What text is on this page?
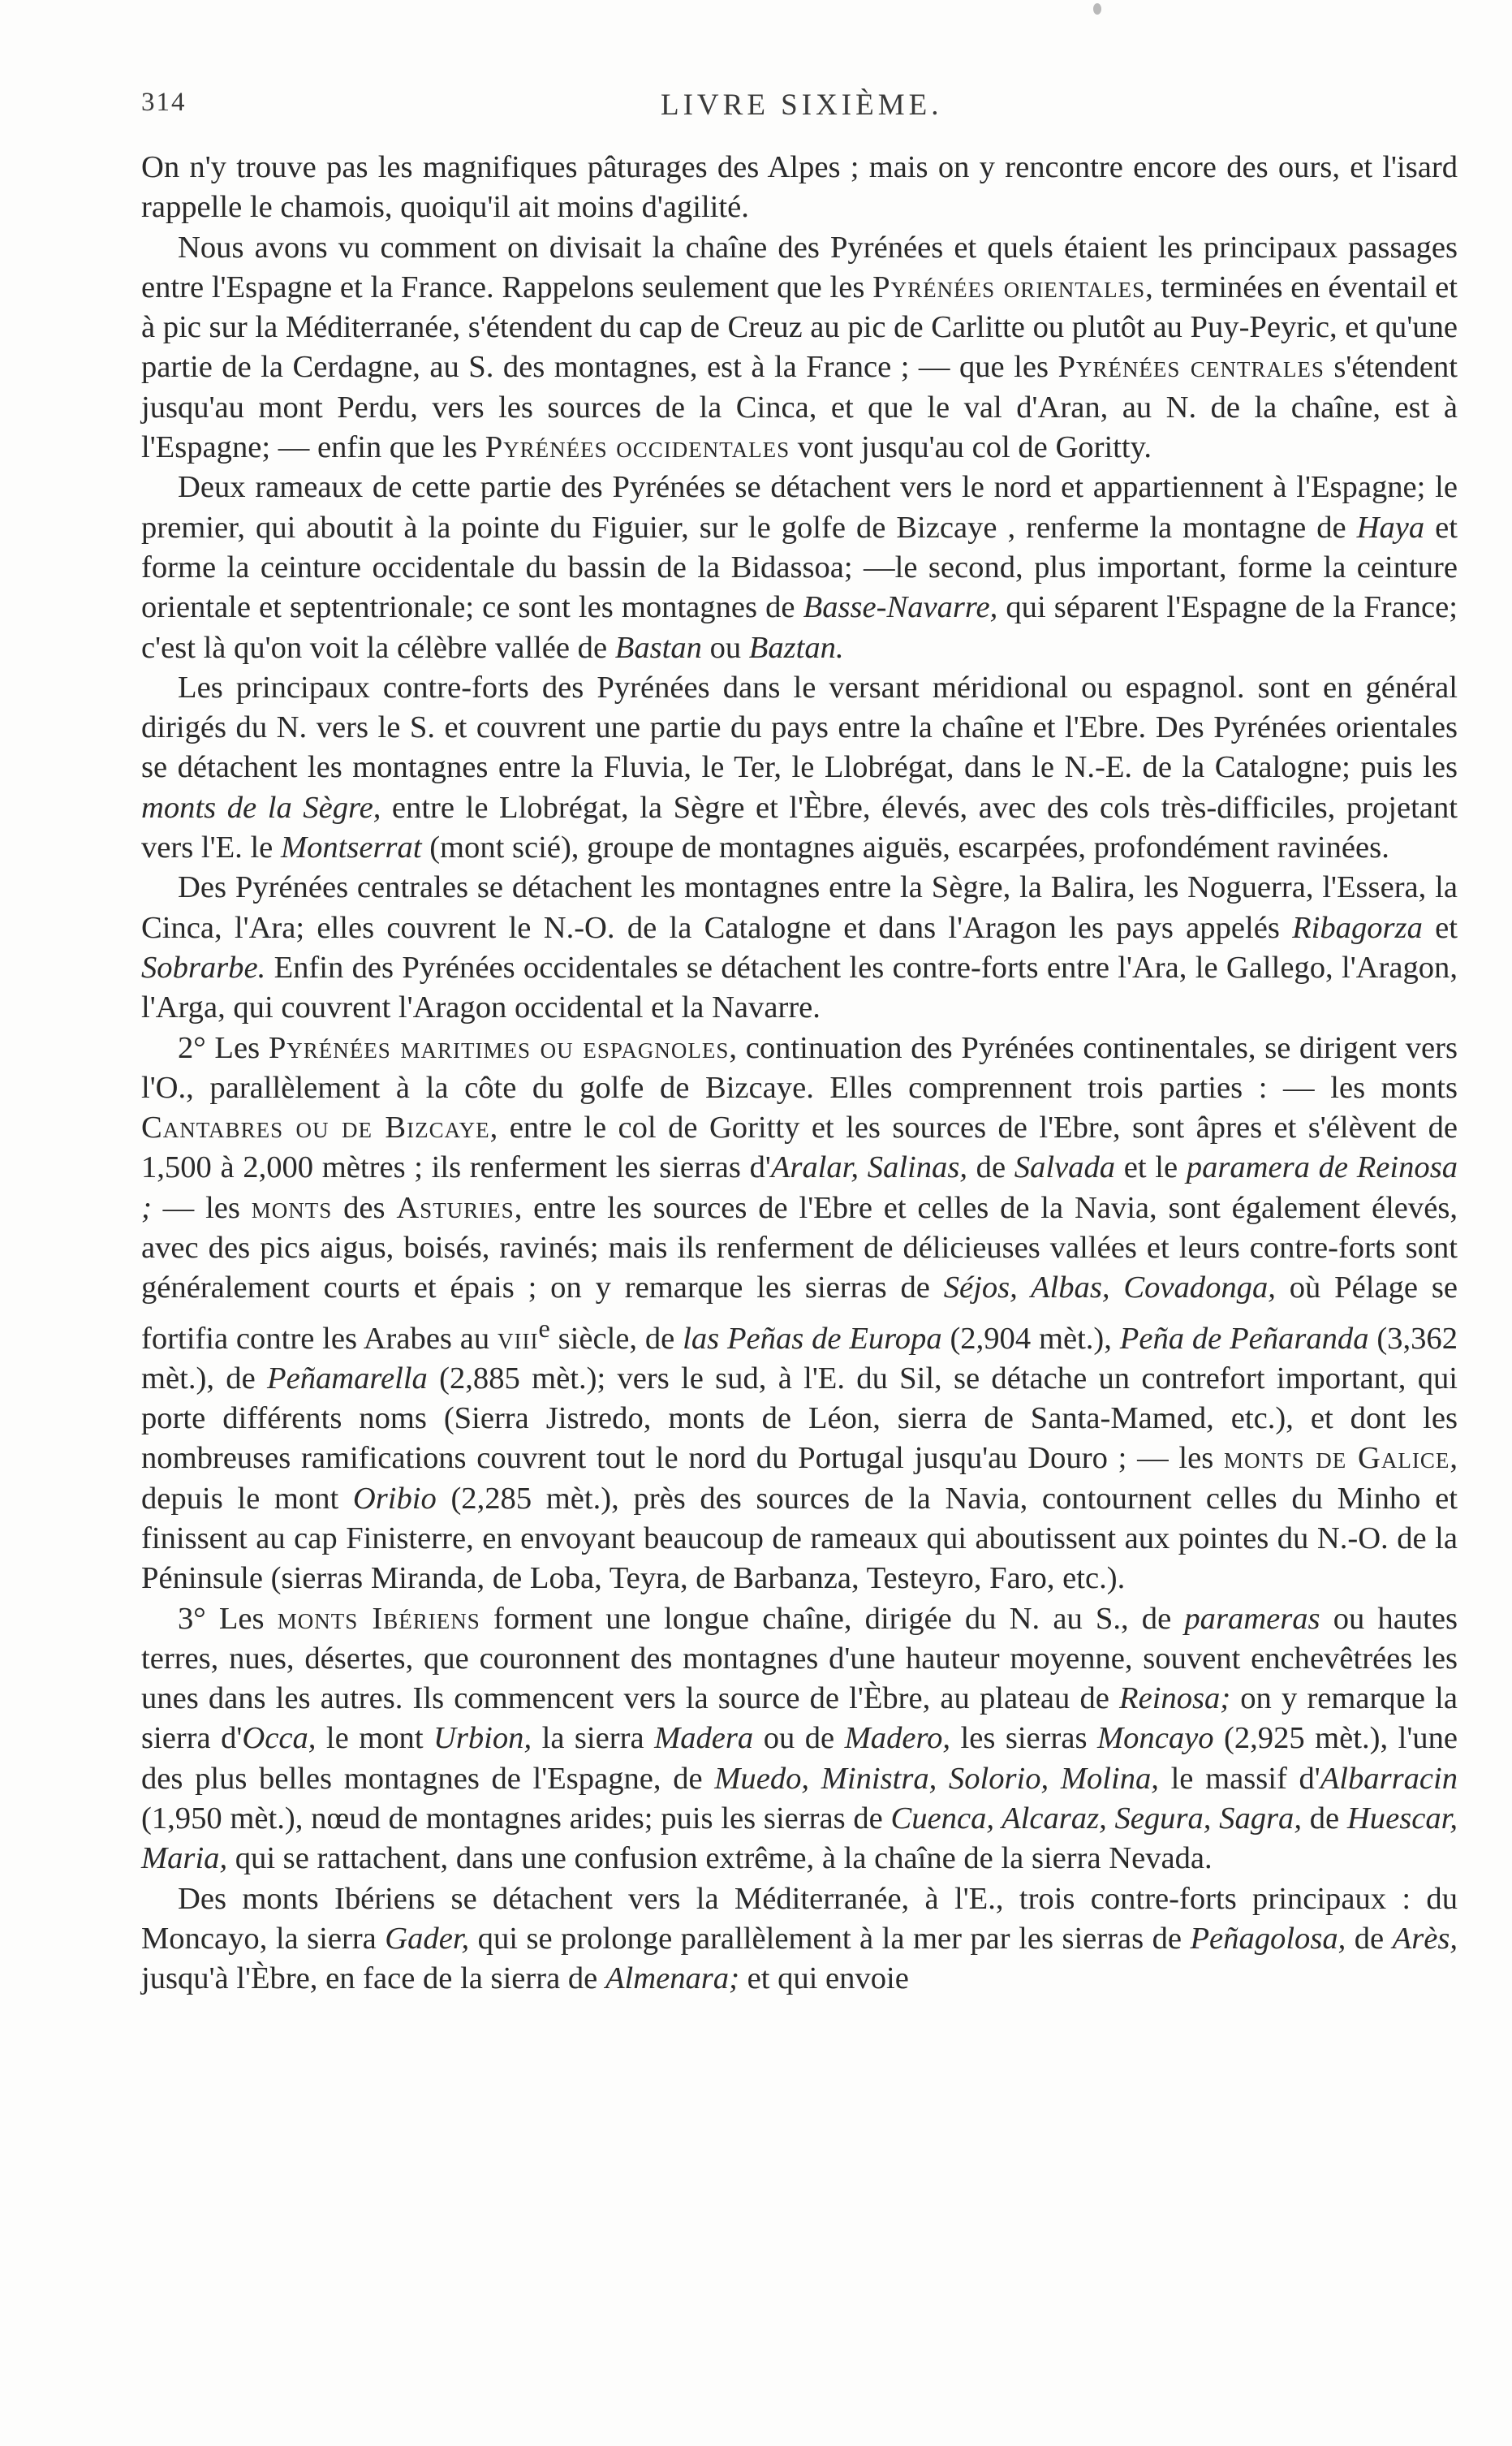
314	LIVRE SIXIÈME.

On n'y trouve pas les magnifiques pâturages des Alpes ; mais on y rencontre encore des ours, et l'isard rappelle le chamois, quoiqu'il ait moins d'agilité.

Nous avons vu comment on divisait la chaîne des Pyrénées et quels étaient les principaux passages entre l'Espagne et la France. Rappelons seulement que les Pyrénées orientales, terminées en éventail et à pic sur la Méditerranée, s'étendent du cap de Creuz au pic de Carlitte ou plutôt au Puy-Peyric, et qu'une partie de la Cerdagne, au S. des montagnes, est à la France ; — que les Pyrénées centrales s'étendent jusqu'au mont Perdu, vers les sources de la Cinca, et que le val d'Aran, au N. de la chaîne, est à l'Espagne; — enfin que les Pyrénées occidentales vont jusqu'au col de Goritty.

Deux rameaux de cette partie des Pyrénées se détachent vers le nord et appartiennent à l'Espagne; le premier, qui aboutit à la pointe du Figuier, sur le golfe de Bizcaye , renferme la montagne de Haya et forme la ceinture occidentale du bassin de la Bidassoa; —le second, plus important, forme la ceinture orientale et septentrionale; ce sont les montagnes de Basse-Navarre, qui séparent l'Espagne de la France; c'est là qu'on voit la célèbre vallée de Bastan ou Baztan.

Les principaux contre-forts des Pyrénées dans le versant méridional ou espagnol. sont en général dirigés du N. vers le S. et couvrent une partie du pays entre la chaîne et l'Ebre. Des Pyrénées orientales se détachent les montagnes entre la Fluvia, le Ter, le Llobrégat, dans le N.-E. de la Catalogne; puis les monts de la Sègre, entre le Llobrégat, la Sègre et l'Èbre, élevés, avec des cols très-difficiles, projetant vers l'E. le Montserrat (mont scié), groupe de montagnes aiguës, escarpées, profondément ravinées.

Des Pyrénées centrales se détachent les montagnes entre la Sègre, la Balira, les Noguerra, l'Essera, la Cinca, l'Ara; elles couvrent le N.-O. de la Catalogne et dans l'Aragon les pays appelés Ribagorza et Sobrarbe. Enfin des Pyrénées occidentales se détachent les contre-forts entre l'Ara, le Gallego, l'Aragon, l'Arga, qui couvrent l'Aragon occidental et la Navarre.

2° Les Pyrénées maritimes ou espagnoles, continuation des Pyrénées continentales, se dirigent vers l'O., parallèlement à la côte du golfe de Bizcaye. Elles comprennent trois parties : — les monts Cantabres ou de Bizcaye, entre le col de Goritty et les sources de l'Ebre, sont âpres et s'élèvent de 1,500 à 2,000 mètres ; ils renferment les sierras d'Aralar, Salinas, de Salvada et le paramera de Reinosa ; — les monts des Asturies, entre les sources de l'Ebre et celles de la Navia, sont également élevés, avec des pics aigus, boisés, ravinés; mais ils renferment de délicieuses vallées et leurs contre-forts sont généralement courts et épais ; on y remarque les sierras de Séjos, Albas, Covadonga, où Pélage se fortifia contre les Arabes au viii$^e$ siècle, de las Peñas de Europa (2,904 mèt.), Peña de Peñaranda (3,362 mèt.), de Peñamarella (2,885 mèt.); vers le sud, à l'E. du Sil, se détache un contrefort important, qui porte différents noms (Sierra Jistredo, monts de Léon, sierra de Santa-Mamed, etc.), et dont les nombreuses ramifications couvrent tout le nord du Portugal jusqu'au Douro ; — les monts de Galice, depuis le mont Oribio (2,285 mèt.), près des sources de la Navia, contournent celles du Minho et finissent au cap Finisterre, en envoyant beaucoup de rameaux qui aboutissent aux pointes du N.-O. de la Péninsule (sierras Miranda, de Loba, Teyra, de Barbanza, Testeyro, Faro, etc.).

3° Les monts Ibériens forment une longue chaîne, dirigée du N. au S., de parameras ou hautes terres, nues, désertes, que couronnent des montagnes d'une hauteur moyenne, souvent enchevêtrées les unes dans les autres. Ils commencent vers la source de l'Èbre, au plateau de Reinosa; on y remarque la sierra d'Occa, le mont Urbion, la sierra Madera ou de Madero, les sierras Moncayo (2,925 mèt.), l'une des plus belles montagnes de l'Espagne, de Muedo, Ministra, Solorio, Molina, le massif d'Albarracin (1,950 mèt.), nœud de montagnes arides; puis les sierras de Cuenca, Alcaraz, Segura, Sagra, de Huescar, Maria, qui se rattachent, dans une confusion extrême, à la chaîne de la sierra Nevada.

Des monts Ibériens se détachent vers la Méditerranée, à l'E., trois contre-forts principaux : du Moncayo, la sierra Gader, qui se prolonge parallèlement à la mer par les sierras de Peñagolosa, de Arès, jusqu'à l'Èbre, en face de la sierra de Almenara; et qui envoie
